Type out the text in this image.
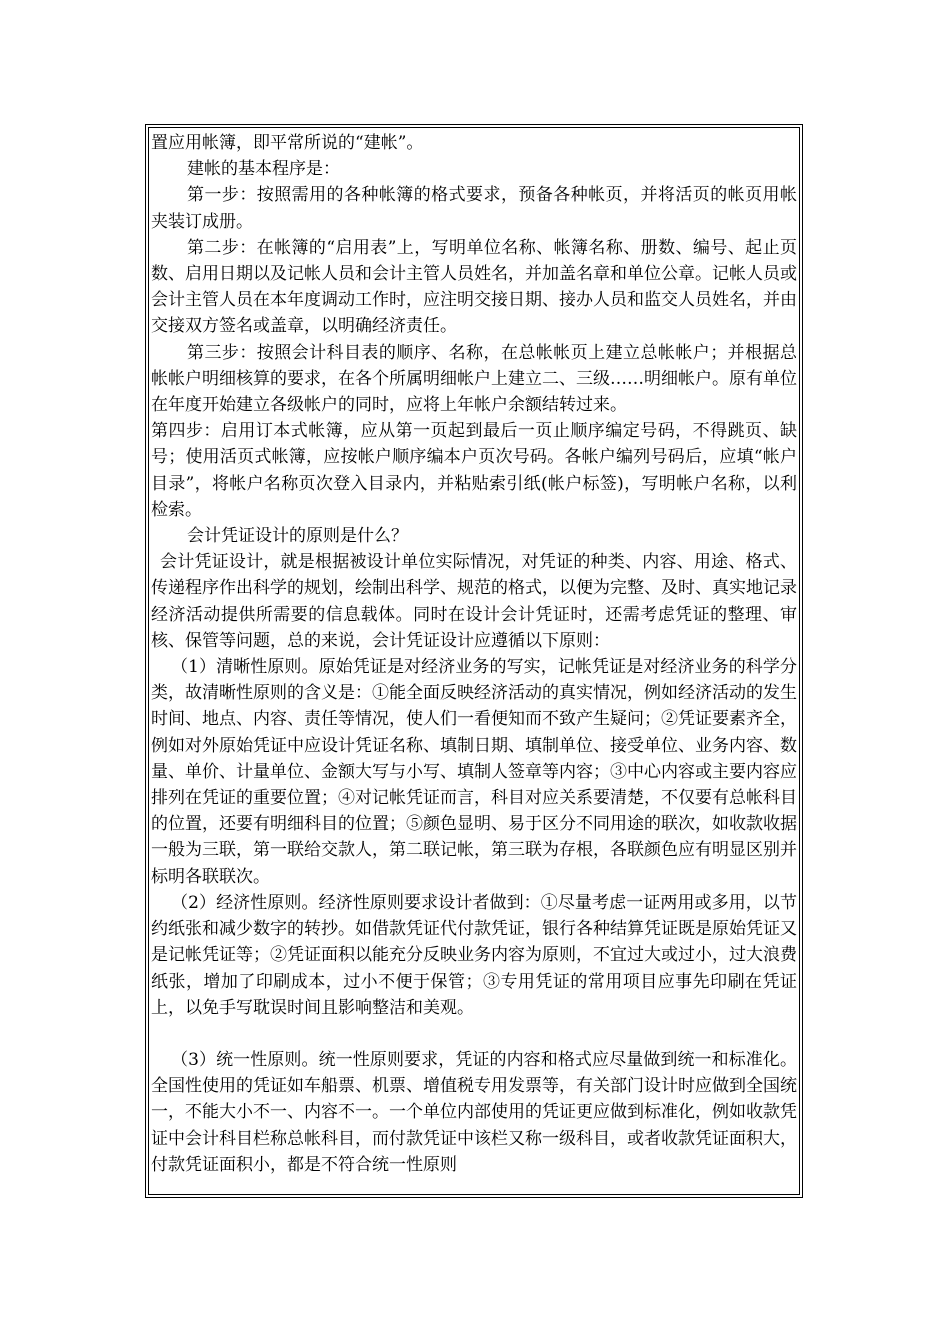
置应用帐簿，即平常所说的“建帐”。

建帐的基本程序是：

第一步：按照需用的各种帐簿的格式要求，预备各种帐页，并将活页的帐页用帐夹装订成册。

第二步：在帐簿的“启用表”上，写明单位名称、帐簿名称、册数、编号、起止页数、启用日期以及记帐人员和会计主管人员姓名，并加盖名章和单位公章。记帐人员或会计主管人员在本年度调动工作时，应注明交接日期、接办人员和监交人员姓名，并由交接双方签名或盖章，以明确经济责任。

第三步：按照会计科目表的顺序、名称，在总帐帐页上建立总帐帐户；并根据总帐帐户明细核算的要求，在各个所属明细帐户上建立二、三级……明细帐户。原有单位在年度开始建立各级帐户的同时，应将上年帐户余额结转过来。

第四步：启用订本式帐簿，应从第一页起到最后一页止顺序编定号码，不得跳页、缺号；使用活页式帐簿，应按帐户顺序编本户页次号码。各帐户编列号码后，应填“帐户目录”，将帐户名称页次登入目录内，并粘贴索引纸(帐户标签)，写明帐户名称，以利检索。

会计凭证设计的原则是什么？

会计凭证设计，就是根据被设计单位实际情况，对凭证的种类、内容、用途、格式、传递程序作出科学的规划，绘制出科学、规范的格式，以便为完整、及时、真实地记录经济活动提供所需要的信息载体。同时在设计会计凭证时，还需考虑凭证的整理、审核、保管等问题，总的来说，会计凭证设计应遵循以下原则：

（1）清晰性原则。原始凭证是对经济业务的写实，记帐凭证是对经济业务的科学分类，故清晰性原则的含义是：①能全面反映经济活动的真实情况，例如经济活动的发生时间、地点、内容、责任等情况，使人们一看便知而不致产生疑问；②凭证要素齐全，例如对外原始凭证中应设计凭证名称、填制日期、填制单位、接受单位、业务内容、数量、单价、计量单位、金额大写与小写、填制人签章等内容；③中心内容或主要内容应排列在凭证的重要位置；④对记帐凭证而言，科目对应关系要清楚，不仅要有总帐科目的位置，还要有明细科目的位置；⑤颜色显明、易于区分不同用途的联次，如收款收据一般为三联，第一联给交款人，第二联记帐，第三联为存根，各联颜色应有明显区别并标明各联联次。

（2）经济性原则。经济性原则要求设计者做到：①尽量考虑一证两用或多用，以节约纸张和减少数字的转抄。如借款凭证代付款凭证，银行各种结算凭证既是原始凭证又是记帐凭证等；②凭证面积以能充分反映业务内容为原则，不宜过大或过小，过大浪费纸张，增加了印刷成本，过小不便于保管；③专用凭证的常用项目应事先印刷在凭证上，以免手写耽误时间且影响整洁和美观。

（3）统一性原则。统一性原则要求，凭证的内容和格式应尽量做到统一和标准化。全国性使用的凭证如车船票、机票、增值税专用发票等，有关部门设计时应做到全国统一，不能大小不一、内容不一。一个单位内部使用的凭证更应做到标准化，例如收款凭证中会计科目栏称总帐科目，而付款凭证中该栏又称一级科目，或者收款凭证面积大，付款凭证面积小，都是不符合统一性原则
